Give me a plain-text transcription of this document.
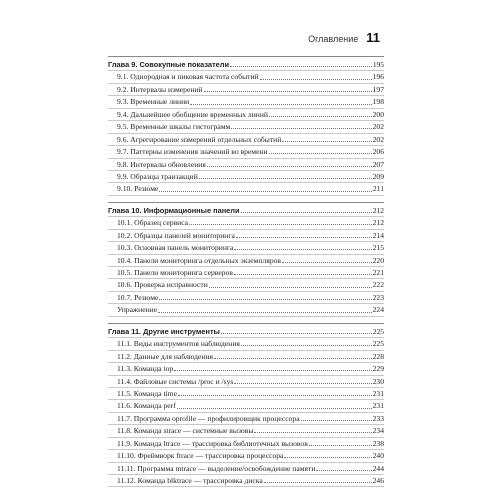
Оглавление 11
Глава 9. Совокупные показатели	195
9.1. Однородная и пиковая частота событий	196
9.2. Интервалы измерений	197
9.3. Временные линии	198
9.4. Дальнейшее обобщение временных линий	200
9.5. Временные шкалы гистограмм	202
9.6. Агрегирование измерений отдельных событий	202
9.7. Паттерны изменения значений во времени	206
9.8. Интервалы обновления	207
9.9. Образцы транзакций	209
9.10. Резюме	211
Глава 10. Информационные панели	212
10.1. Образец сервиса	212
10.2. Образцы панелей мониторинга	214
10.3. Основная панель мониторинга	215
10.4. Панели мониторинга отдельных экземпляров	220
10.5. Панели мониторинга серверов	221
10.6. Проверка исправности	222
10.7. Резюме	223
Упражнение	224
Глава 11. Другие инструменты	225
11.1. Виды инструментов наблюдения	225
11.2. Данные для наблюдения	228
11.3. Команда top	229
11.4. Файловые системы /proc и /sys	230
11.5. Команда time	231
11.6. Команда perf	231
11.7. Программа oprofile — профилировщик процессора	233
11.8. Команда strace — системные вызовы	234
11.9. Команда ltrace — трассировка библиотечных вызовов	238
11.10. Фреймворк ftrace — трассировка процессора	240
11.11. Программа mtrace — выделение/освобождение памяти	244
11.12. Команда blktrace — трассировка диска	246
